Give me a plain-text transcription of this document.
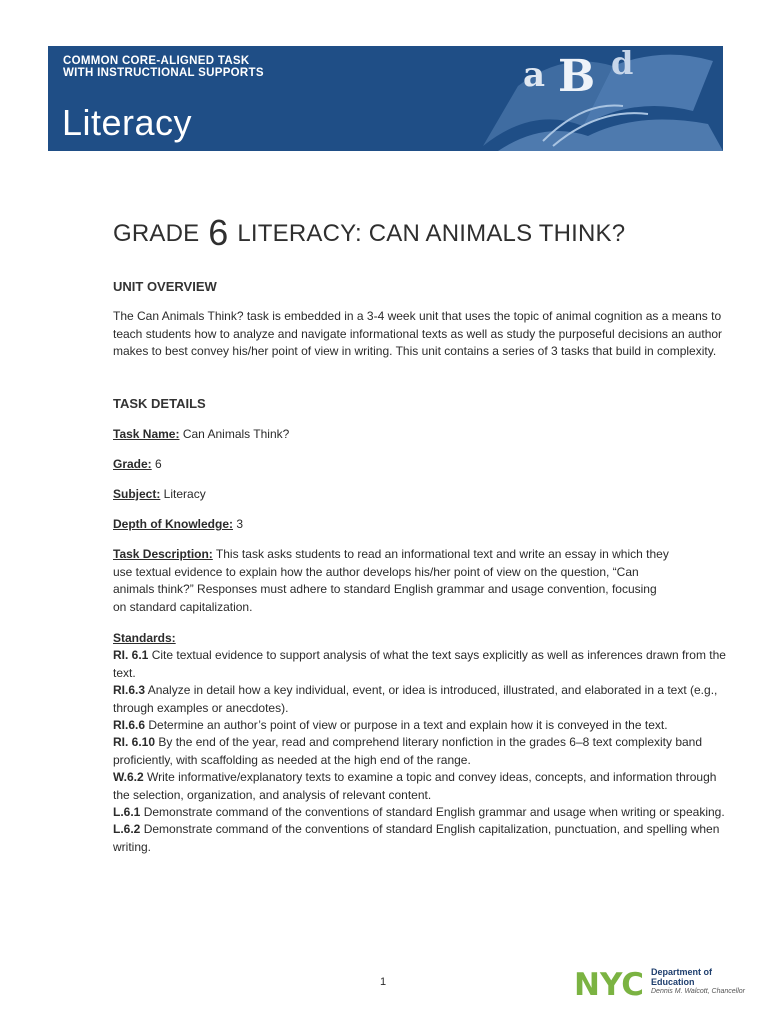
COMMON CORE-ALIGNED TASK
WITH INSTRUCTIONAL SUPPORTS
Literacy
a B d
GRADE 6 LITERACY: CAN ANIMALS THINK?
UNIT OVERVIEW

The Can Animals Think? task is embedded in a 3-4 week unit that uses the topic of animal cognition as a means to teach students how to analyze and navigate informational texts as well as study the purposeful decisions an author makes to best convey his/her point of view in writing. This unit contains a series of 3 tasks that build in complexity.

TASK DETAILS
Task Name: Can Animals Think?
Grade: 6
Subject: Literacy
Depth of Knowledge: 3

Task Description: This task asks students to read an informational text and write an essay in which they use textual evidence to explain how the author develops his/her point of view on the question, “Can animals think?” Responses must adhere to standard English grammar and usage convention, focusing on standard capitalization.

Standards:
RI. 6.1 Cite textual evidence to support analysis of what the text says explicitly as well as inferences drawn from the text.
RI.6.3 Analyze in detail how a key individual, event, or idea is introduced, illustrated, and elaborated in a text (e.g., through examples or anecdotes).
RI.6.6 Determine an author’s point of view or purpose in a text and explain how it is conveyed in the text.
RI. 6.10 By the end of the year, read and comprehend literary nonfiction in the grades 6–8 text complexity band proficiently, with scaffolding as needed at the high end of the range.
W.6.2 Write informative/explanatory texts to examine a topic and convey ideas, concepts, and information through the selection, organization, and analysis of relevant content.
L.6.1 Demonstrate command of the conventions of standard English grammar and usage when writing or speaking.
L.6.2 Demonstrate command of the conventions of standard English capitalization, punctuation, and spelling when writing.
1	NYC Department of
Education
Dennis M. Walcott, Chancellor
